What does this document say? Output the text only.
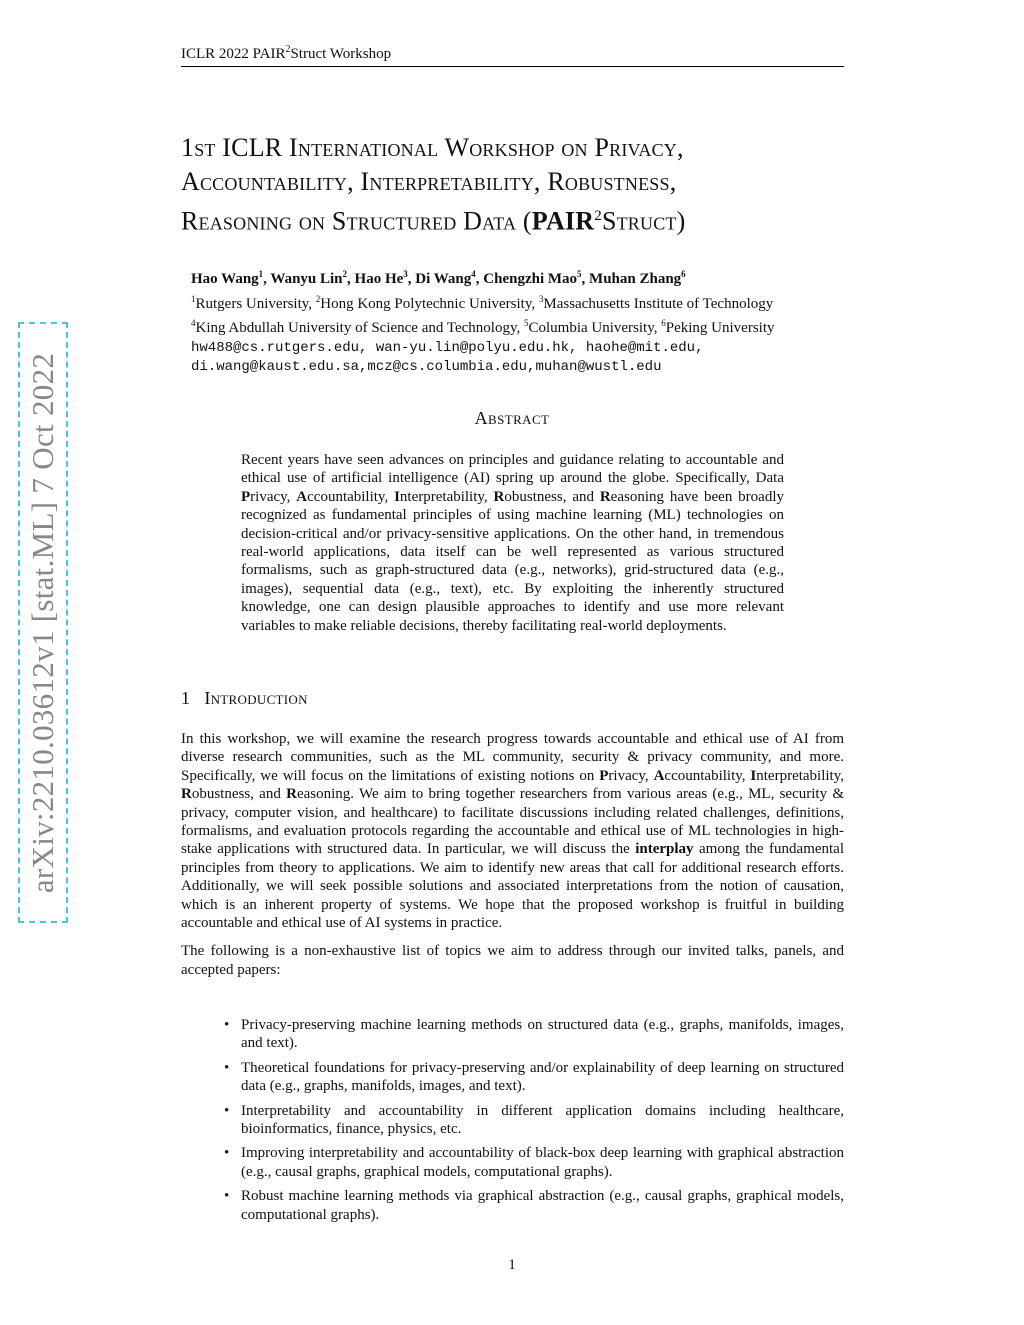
ICLR 2022 PAIR$^2$Struct Workshop
arXiv:2210.03612v1 [stat.ML] 7 Oct 2022
1st ICLR International Workshop on Privacy,
Accountability, Interpretability, Robustness,
Reasoning on Structured Data (PAIR$^2$Struct)
Hao Wang$^1$, Wanyu Lin$^2$, Hao He$^3$, Di Wang$^4$, Chengzhi Mao$^5$, Muhan Zhang$^6$
$^1$Rutgers University, $^2$Hong Kong Polytechnic University, $^3$Massachusetts Institute of Technology
$^4$King Abdullah University of Science and Technology, $^5$Columbia University, $^6$Peking University
hw488@cs.rutgers.edu, wan-yu.lin@polyu.edu.hk, haohe@mit.edu,
di.wang@kaust.edu.sa,mcz@cs.columbia.edu,muhan@wustl.edu
Abstract
Recent years have seen advances on principles and guidance relating to accountable and ethical use of artificial intelligence (AI) spring up around the globe. Specifically, Data Privacy, Accountability, Interpretability, Robustness, and Reasoning have been broadly recognized as fundamental principles of using machine learning (ML) technologies on decision-critical and/or privacy-sensitive applications. On the other hand, in tremendous real-world applications, data itself can be well represented as various structured formalisms, such as graph-structured data (e.g., networks), grid-structured data (e.g., images), sequential data (e.g., text), etc. By exploiting the inherently structured knowledge, one can design plausible approaches to identify and use more relevant variables to make reliable decisions, thereby facilitating real-world deployments.
1 Introduction

In this workshop, we will examine the research progress towards accountable and ethical use of AI from diverse research communities, such as the ML community, security & privacy community, and more. Specifically, we will focus on the limitations of existing notions on Privacy, Accountability, Interpretability, Robustness, and Reasoning. We aim to bring together researchers from various areas (e.g., ML, security & privacy, computer vision, and healthcare) to facilitate discussions including related challenges, definitions, formalisms, and evaluation protocols regarding the accountable and ethical use of ML technologies in high-stake applications with structured data. In particular, we will discuss the interplay among the fundamental principles from theory to applications. We aim to identify new areas that call for additional research efforts. Additionally, we will seek possible solutions and associated interpretations from the notion of causation, which is an inherent property of systems. We hope that the proposed workshop is fruitful in building accountable and ethical use of AI systems in practice.

The following is a non-exhaustive list of topics we aim to address through our invited talks, panels, and accepted papers:

• Privacy-preserving machine learning methods on structured data (e.g., graphs, manifolds, images, and text).
• Theoretical foundations for privacy-preserving and/or explainability of deep learning on structured data (e.g., graphs, manifolds, images, and text).
• Interpretability and accountability in different application domains including healthcare, bioinformatics, finance, physics, etc.
• Improving interpretability and accountability of black-box deep learning with graphical abstraction (e.g., causal graphs, graphical models, computational graphs).
• Robust machine learning methods via graphical abstraction (e.g., causal graphs, graphical models, computational graphs).
1
